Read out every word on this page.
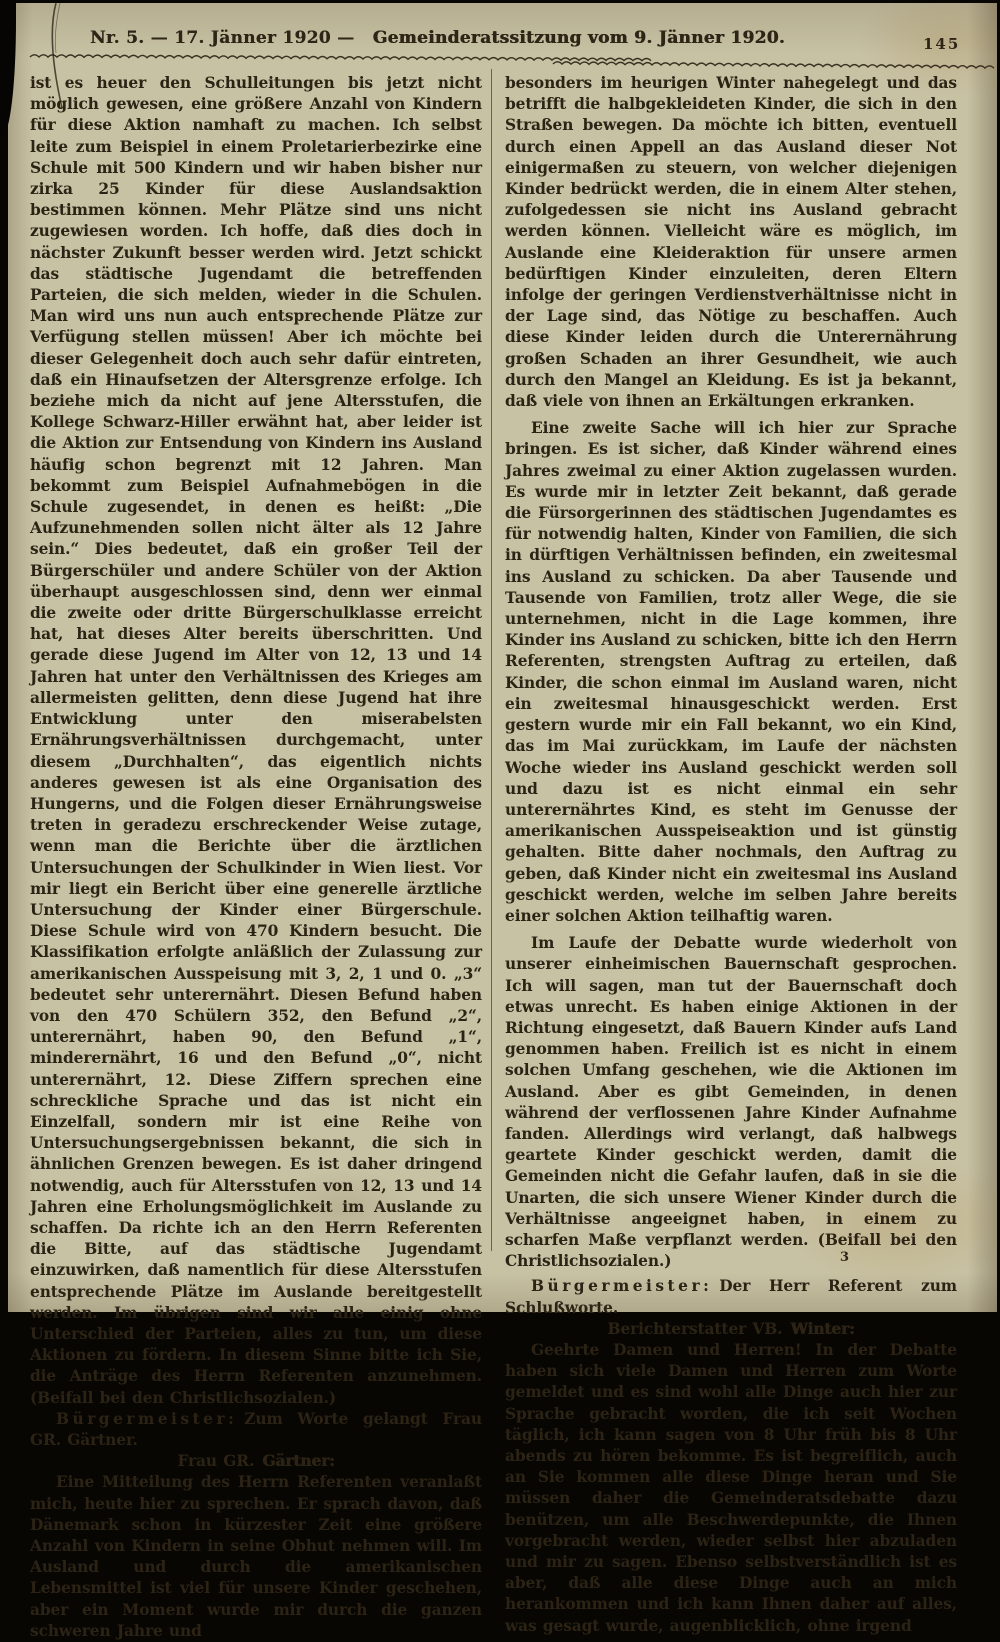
Nr. 5. — 17. Jänner 1920 — Gemeinderatssitzung vom 9. Jänner 1920.	145

ist es heuer den Schulleitungen bis jetzt nicht möglich gewesen, eine größere Anzahl von Kindern für diese Aktion namhaft zu machen. Ich selbst leite zum Beispiel in einem Proletarierbezirke eine Schule mit 500 Kindern und wir haben bisher nur zirka 25 Kinder für diese Auslandsaktion bestimmen können. Mehr Plätze sind uns nicht zugewiesen worden. Ich hoffe, daß dies doch in nächster Zukunft besser werden wird. Jetzt schickt das städtische Jugendamt die betreffenden Parteien, die sich melden, wieder in die Schulen. Man wird uns nun auch entsprechende Plätze zur Verfügung stellen müssen! Aber ich möchte bei dieser Gelegenheit doch auch sehr dafür eintreten, daß ein Hinaufsetzen der Altersgrenze erfolge. Ich beziehe mich da nicht auf jene Altersstufen, die Kollege Schwarz-Hiller erwähnt hat, aber leider ist die Aktion zur Entsendung von Kindern ins Ausland häufig schon begrenzt mit 12 Jahren. Man bekommt zum Beispiel Aufnahmebögen in die Schule zugesendet, in denen es heißt: „Die Aufzunehmenden sollen nicht älter als 12 Jahre sein.“ Dies bedeutet, daß ein großer Teil der Bürgerschüler und andere Schüler von der Aktion überhaupt ausgeschlossen sind, denn wer einmal die zweite oder dritte Bürgerschulklasse erreicht hat, hat dieses Alter bereits überschritten. Und gerade diese Jugend im Alter von 12, 13 und 14 Jahren hat unter den Verhältnissen des Krieges am allermeisten gelitten, denn diese Jugend hat ihre Entwicklung unter den miserabelsten Ernährungsverhältnissen durchgemacht, unter diesem „Durchhalten“, das eigentlich nichts anderes gewesen ist als eine Organisation des Hungerns, und die Folgen dieser Ernährungsweise treten in geradezu erschreckender Weise zutage, wenn man die Berichte über die ärztlichen Untersuchungen der Schulkinder in Wien liest. Vor mir liegt ein Bericht über eine generelle ärztliche Untersuchung der Kinder einer Bürgerschule. Diese Schule wird von 470 Kindern besucht. Die Klassifikation erfolgte anläßlich der Zulassung zur amerikanischen Ausspeisung mit 3, 2, 1 und 0. „3“ bedeutet sehr unterernährt. Diesen Befund haben von den 470 Schülern 352, den Befund „2“, unterernährt, haben 90, den Befund „1“, minderernährt, 16 und den Befund „0“, nicht unterernährt, 12. Diese Ziffern sprechen eine schreckliche Sprache und das ist nicht ein Einzelfall, sondern mir ist eine Reihe von Untersuchungsergebnissen bekannt, die sich in ähnlichen Grenzen bewegen. Es ist daher dringend notwendig, auch für Altersstufen von 12, 13 und 14 Jahren eine Erholungsmöglichkeit im Auslande zu schaffen. Da richte ich an den Herrn Referenten die Bitte, auf das städtische Jugendamt einzuwirken, daß namentlich für diese Altersstufen entsprechende Plätze im Auslande bereitgestellt werden. Im übrigen sind wir alle einig ohne Unterschied der Parteien, alles zu tun, um diese Aktionen zu fördern. In diesem Sinne bitte ich Sie, die Anträge des Herrn Referenten anzunehmen. (Beifall bei den Christlichsozialen.)

Bürgermeister: Zum Worte gelangt Frau GR. Gärtner.

Frau GR. Gärtner:

Eine Mitteilung des Herrn Referenten veranlaßt mich, heute hier zu sprechen. Er sprach davon, daß Dänemark schon in kürzester Zeit eine größere Anzahl von Kindern in seine Obhut nehmen will. Im Ausland und durch die amerikanischen Lebensmittel ist viel für unsere Kinder geschehen, aber ein Moment wurde mir durch die ganzen schweren Jahre und

besonders im heurigen Winter nahegelegt und das betrifft die halbgekleideten Kinder, die sich in den Straßen bewegen. Da möchte ich bitten, eventuell durch einen Appell an das Ausland dieser Not einigermaßen zu steuern, von welcher diejenigen Kinder bedrückt werden, die in einem Alter stehen, zufolgedessen sie nicht ins Ausland gebracht werden können. Vielleicht wäre es möglich, im Auslande eine Kleideraktion für unsere armen bedürftigen Kinder einzuleiten, deren Eltern infolge der geringen Verdienstverhältnisse nicht in der Lage sind, das Nötige zu beschaffen. Auch diese Kinder leiden durch die Unterernährung großen Schaden an ihrer Gesundheit, wie auch durch den Mangel an Kleidung. Es ist ja bekannt, daß viele von ihnen an Erkältungen erkranken.

Eine zweite Sache will ich hier zur Sprache bringen. Es ist sicher, daß Kinder während eines Jahres zweimal zu einer Aktion zugelassen wurden. Es wurde mir in letzter Zeit bekannt, daß gerade die Fürsorgerinnen des städtischen Jugendamtes es für notwendig halten, Kinder von Familien, die sich in dürftigen Verhältnissen befinden, ein zweitesmal ins Ausland zu schicken. Da aber Tausende und Tausende von Familien, trotz aller Wege, die sie unternehmen, nicht in die Lage kommen, ihre Kinder ins Ausland zu schicken, bitte ich den Herrn Referenten, strengsten Auftrag zu erteilen, daß Kinder, die schon einmal im Ausland waren, nicht ein zweitesmal hinausgeschickt werden. Erst gestern wurde mir ein Fall bekannt, wo ein Kind, das im Mai zurückkam, im Laufe der nächsten Woche wieder ins Ausland geschickt werden soll und dazu ist es nicht einmal ein sehr unterernährtes Kind, es steht im Genusse der amerikanischen Ausspeiseaktion und ist günstig gehalten. Bitte daher nochmals, den Auftrag zu geben, daß Kinder nicht ein zweitesmal ins Ausland geschickt werden, welche im selben Jahre bereits einer solchen Aktion teilhaftig waren.

Im Laufe der Debatte wurde wiederholt von unserer einheimischen Bauernschaft gesprochen. Ich will sagen, man tut der Bauernschaft doch etwas unrecht. Es haben einige Aktionen in der Richtung eingesetzt, daß Bauern Kinder aufs Land genommen haben. Freilich ist es nicht in einem solchen Umfang geschehen, wie die Aktionen im Ausland. Aber es gibt Gemeinden, in denen während der verflossenen Jahre Kinder Aufnahme fanden. Allerdings wird verlangt, daß halbwegs geartete Kinder geschickt werden, damit die Gemeinden nicht die Gefahr laufen, daß in sie die Unarten, die sich unsere Wiener Kinder durch die Verhältnisse angeeignet haben, in einem zu scharfen Maße verpflanzt werden. (Beifall bei den Christlichsozialen.)

Bürgermeister: Der Herr Referent zum Schlußworte.

Berichterstatter VB. Winter:

Geehrte Damen und Herren! In der Debatte haben sich viele Damen und Herren zum Worte gemeldet und es sind wohl alle Dinge auch hier zur Sprache gebracht worden, die ich seit Wochen täglich, ich kann sagen von 8 Uhr früh bis 8 Uhr abends zu hören bekomme. Es ist begreiflich, auch an Sie kommen alle diese Dinge heran und Sie müssen daher die Gemeinderatsdebatte dazu benützen, um alle Beschwerdepunkte, die Ihnen vorgebracht werden, wieder selbst hier abzuladen und mir zu sagen. Ebenso selbstverständlich ist es aber, daß alle diese Dinge auch an mich herankommen und ich kann Ihnen daher auf alles, was gesagt wurde, augenblicklich, ohne irgend

3
